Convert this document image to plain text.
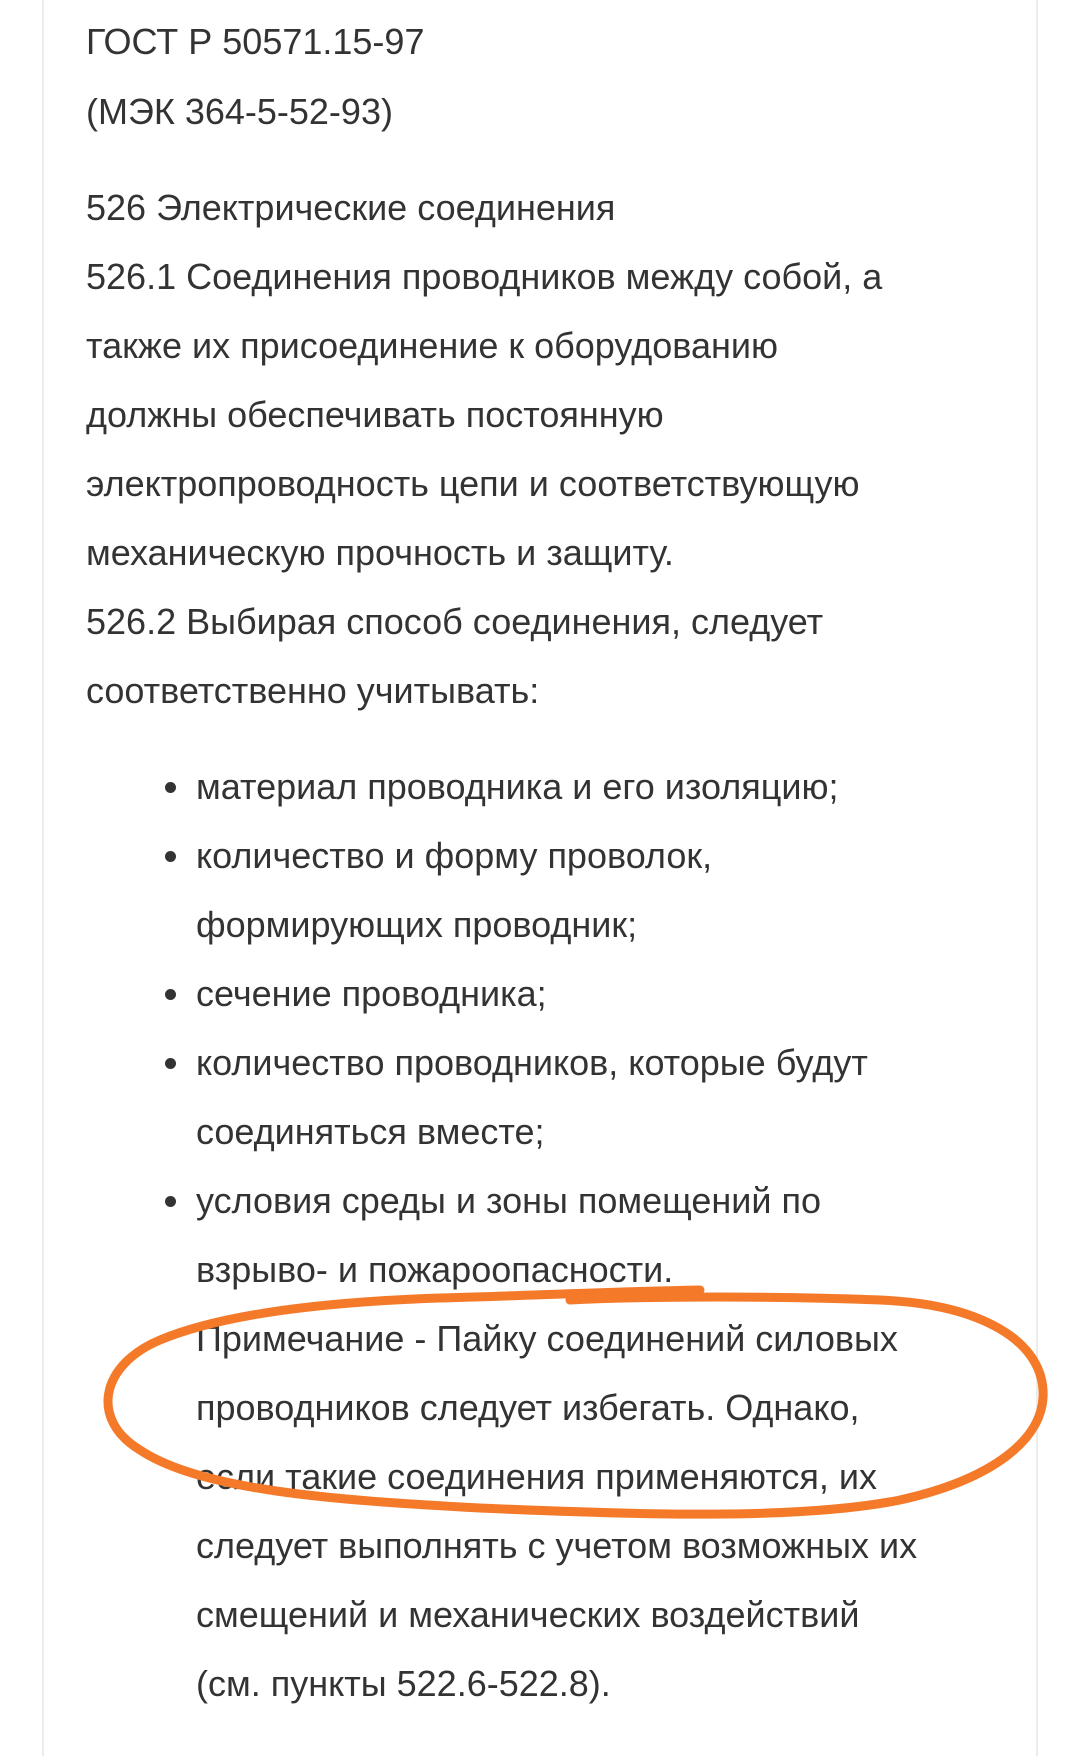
ГОСТ Р 50571.15-97

(МЭК 364-5-52-93)

526 Электрические соединения

526.1 Соединения проводников между собой, а

также их присоединение к оборудованию

должны обеспечивать постоянную

электропроводность цепи и соответствующую

механическую прочность и защиту.

526.2 Выбирая способ соединения, следует

соответственно учитывать:

материал проводника и его изоляцию;

количество и форму проволок,

формирующих проводник;

сечение проводника;

количество проводников, которые будут

соединяться вместе;

условия среды и зоны помещений по

взрыво- и пожароопасности.

Примечание - Пайку соединений силовых

проводников следует избегать. Однако,

если такие соединения применяются, их

следует выполнять с учетом возможных их

смещений и механических воздействий

(см. пункты 522.6-522.8).
